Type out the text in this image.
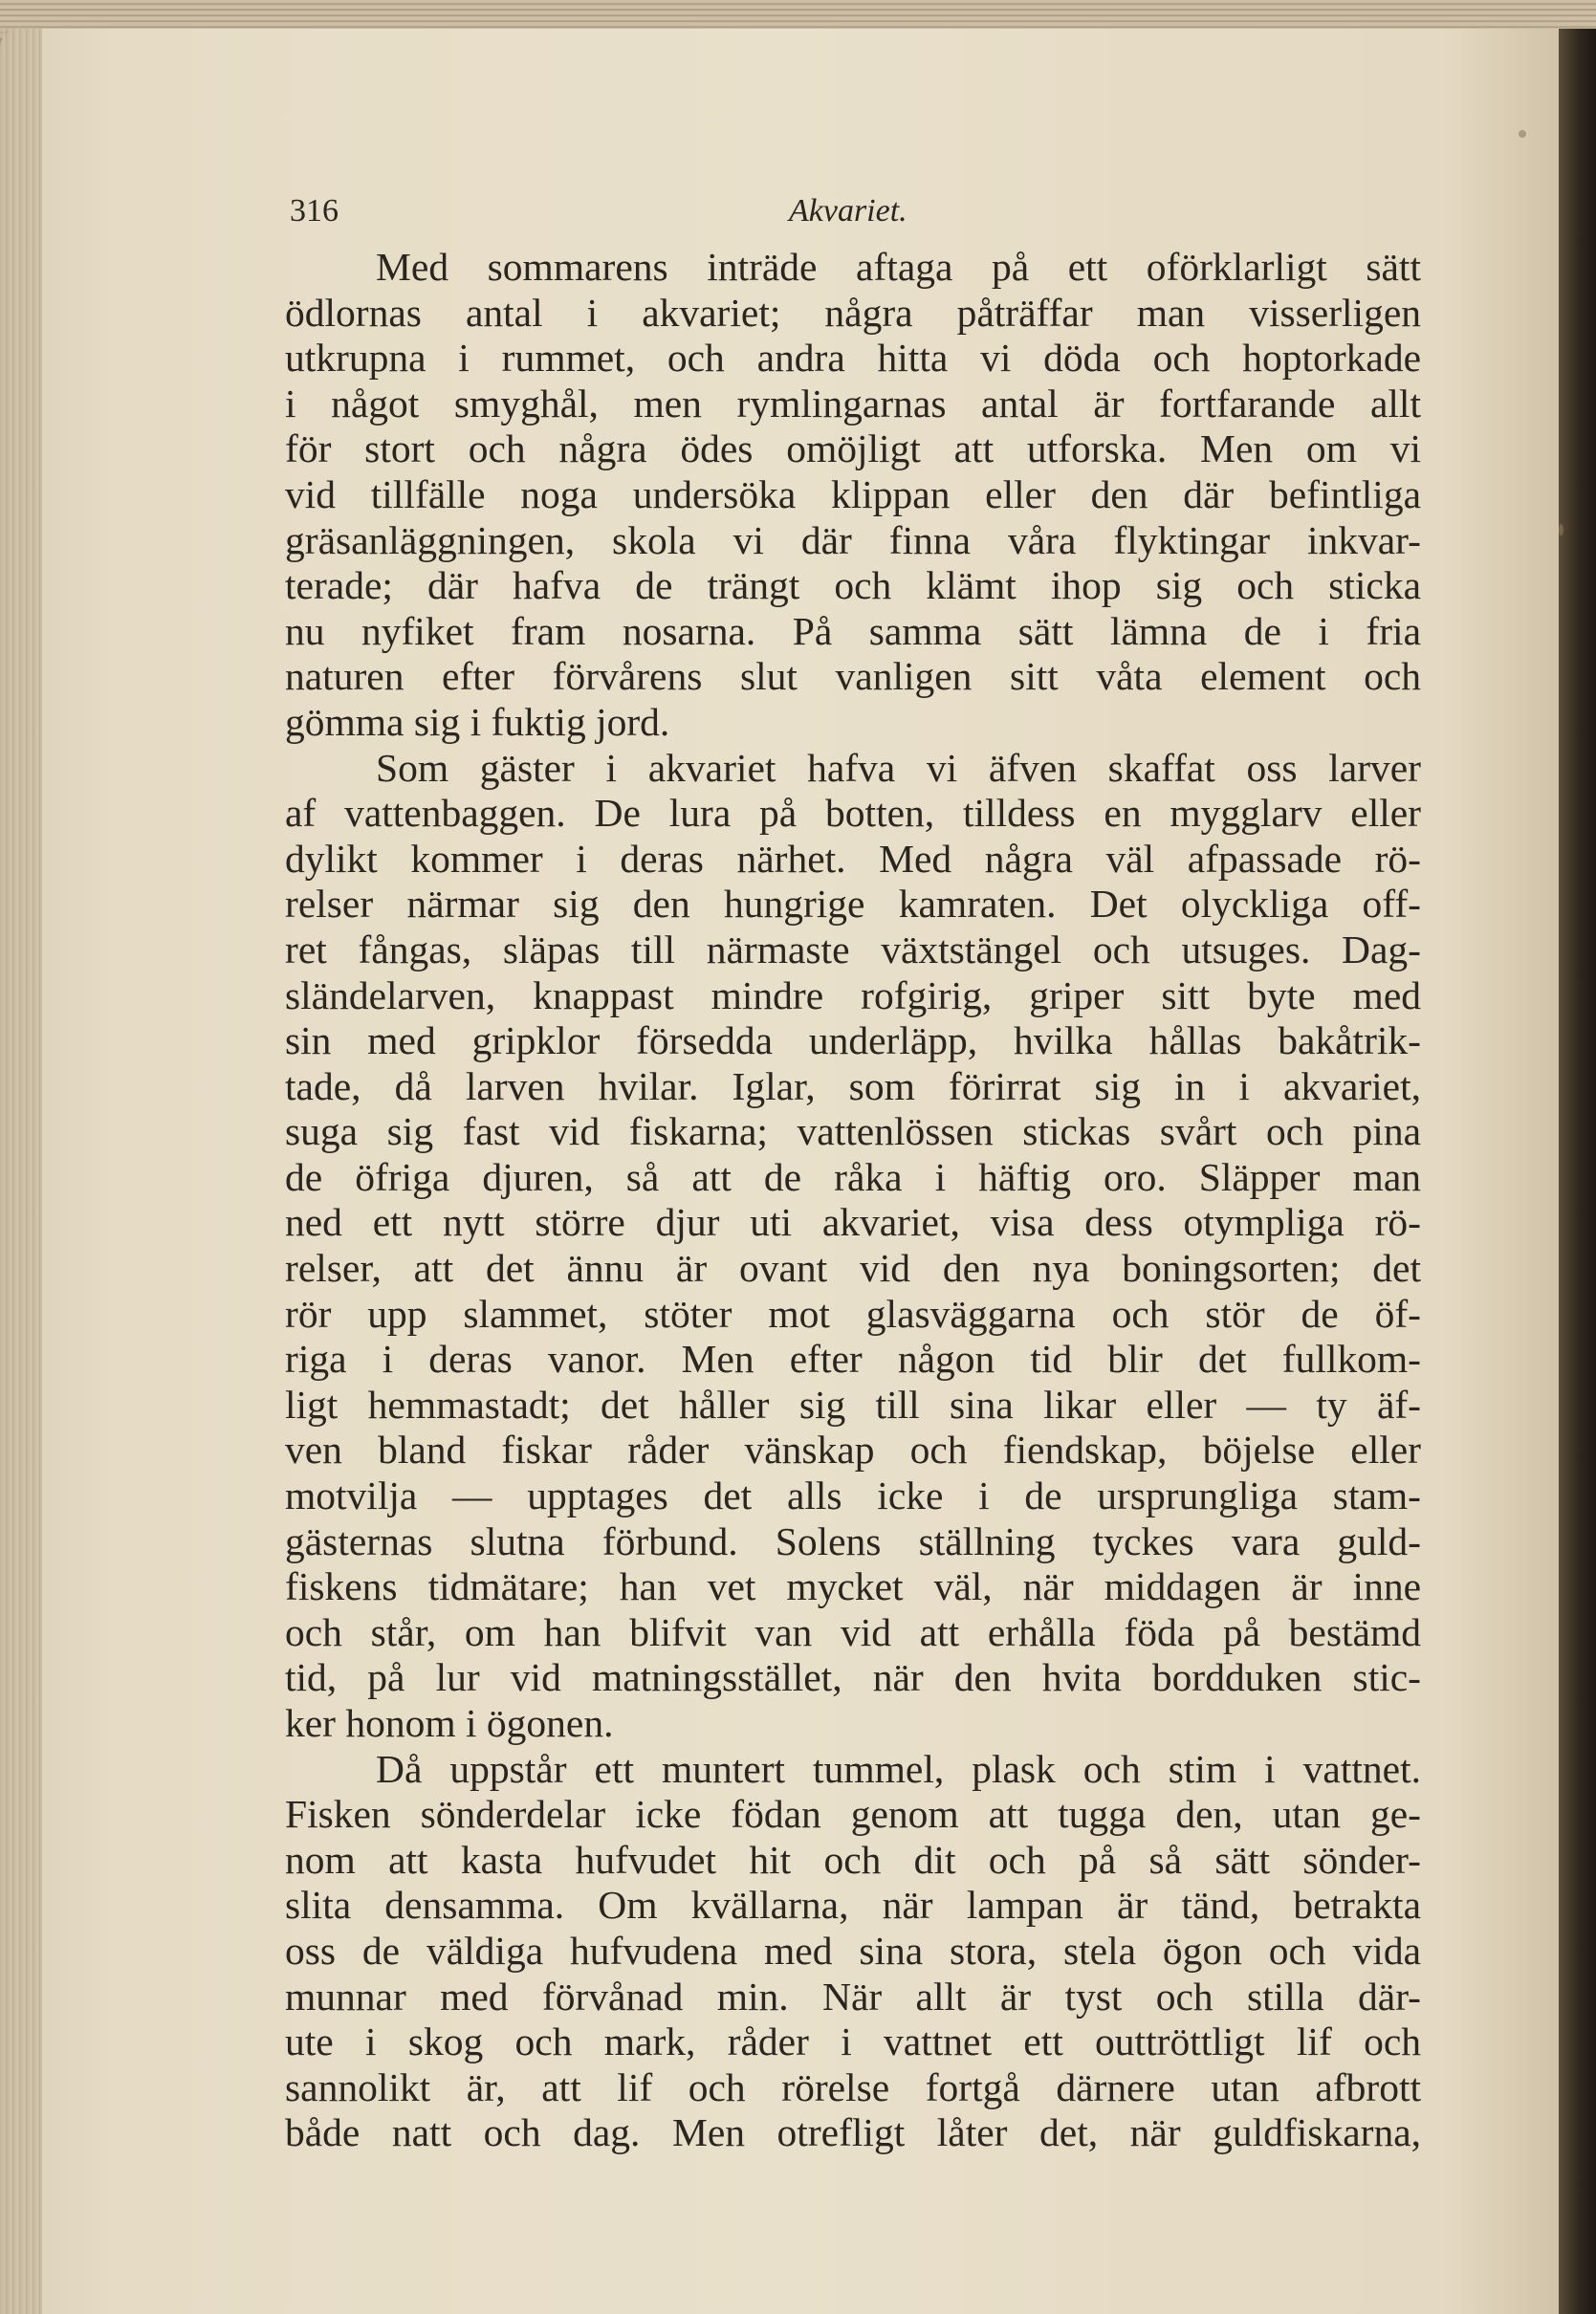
316	Akvariet.
Med sommarens inträde aftaga på ett oförklarligt sätt
ödlornas antal i akvariet; några påträffar man visserligen
utkrupna i rummet, och andra hitta vi döda och hoptorkade
i något smyghål, men rymlingarnas antal är fortfarande allt
för stort och några ödes omöjligt att utforska. Men om vi
vid tillfälle noga undersöka klippan eller den där befintliga
gräsanläggningen, skola vi där finna våra flyktingar inkvar-
terade; där hafva de trängt och klämt ihop sig och sticka
nu nyfiket fram nosarna. På samma sätt lämna de i fria
naturen efter förvårens slut vanligen sitt våta element och
gömma sig i fuktig jord.
Som gäster i akvariet hafva vi äfven skaffat oss larver
af vattenbaggen. De lura på botten, tilldess en mygglarv eller
dylikt kommer i deras närhet. Med några väl afpassade rö-
relser närmar sig den hungrige kamraten. Det olyckliga off-
ret fångas, släpas till närmaste växtstängel och utsuges. Dag-
sländelarven, knappast mindre rofgirig, griper sitt byte med
sin med gripklor försedda underläpp, hvilka hållas bakåtrik-
tade, då larven hvilar. Iglar, som förirrat sig in i akvariet,
suga sig fast vid fiskarna; vattenlössen stickas svårt och pina
de öfriga djuren, så att de råka i häftig oro. Släpper man
ned ett nytt större djur uti akvariet, visa dess otympliga rö-
relser, att det ännu är ovant vid den nya boningsorten; det
rör upp slammet, stöter mot glasväggarna och stör de öf-
riga i deras vanor. Men efter någon tid blir det fullkom-
ligt hemmastadt; det håller sig till sina likar eller — ty äf-
ven bland fiskar råder vänskap och fiendskap, böjelse eller
motvilja — upptages det alls icke i de ursprungliga stam-
gästernas slutna förbund. Solens ställning tyckes vara guld-
fiskens tidmätare; han vet mycket väl, när middagen är inne
och står, om han blifvit van vid att erhålla föda på bestämd
tid, på lur vid matningsstället, när den hvita bordduken stic-
ker honom i ögonen.
Då uppstår ett muntert tummel, plask och stim i vattnet.
Fisken sönderdelar icke födan genom att tugga den, utan ge-
nom att kasta hufvudet hit och dit och på så sätt sönder-
slita densamma. Om kvällarna, när lampan är tänd, betrakta
oss de väldiga hufvudena med sina stora, stela ögon och vida
munnar med förvånad min. När allt är tyst och stilla där-
ute i skog och mark, råder i vattnet ett outtröttligt lif och
sannolikt är, att lif och rörelse fortgå därnere utan afbrott
både natt och dag. Men otrefligt låter det, när guldfiskarna,
